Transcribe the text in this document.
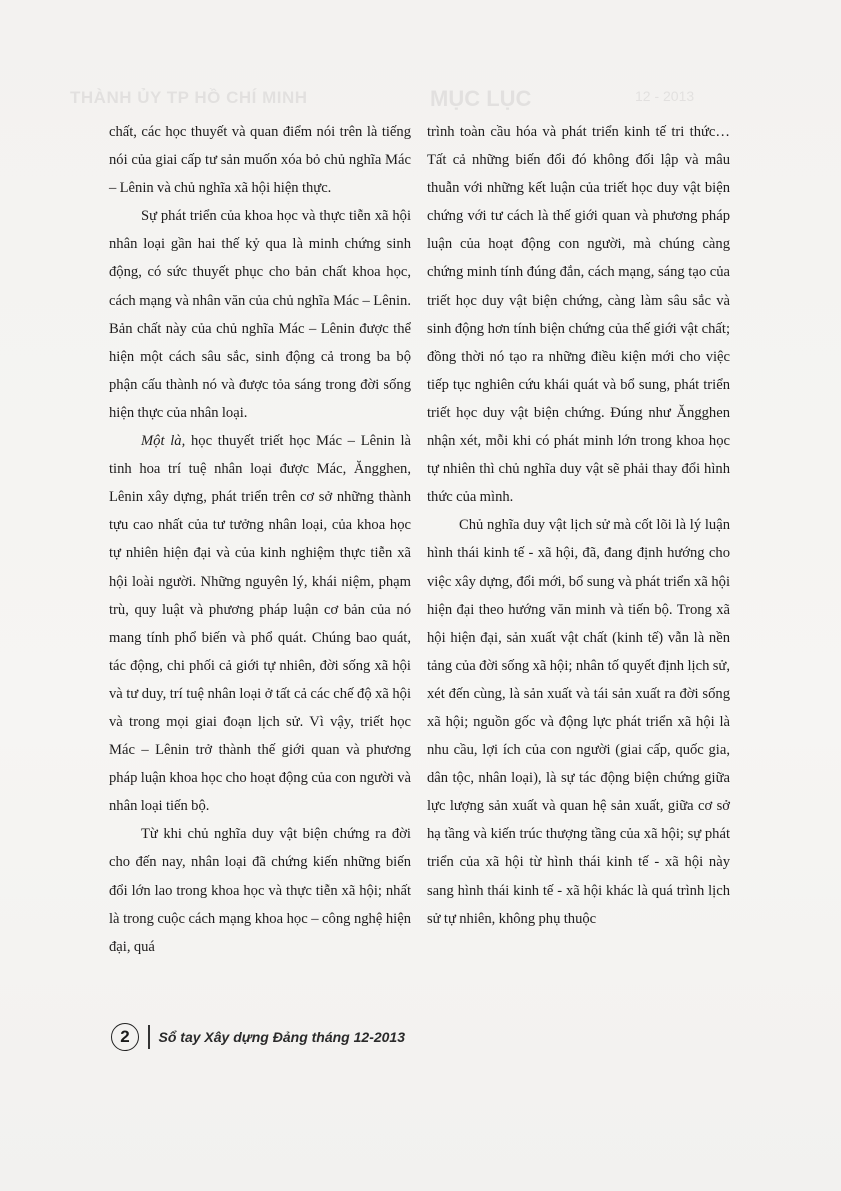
THÀNH ỦY TP HỒ CHÍ MINH	MỤC LỤC	12 - 2013

chất, các học thuyết và quan điểm nói trên là tiếng nói của giai cấp tư sản muốn xóa bỏ chủ nghĩa Mác – Lênin và chủ nghĩa xã hội hiện thực.

Sự phát triển của khoa học và thực tiễn xã hội nhân loại gần hai thế kỷ qua là minh chứng sinh động, có sức thuyết phục cho bản chất khoa học, cách mạng và nhân văn của chủ nghĩa Mác – Lênin. Bản chất này của chủ nghĩa Mác – Lênin được thể hiện một cách sâu sắc, sinh động cả trong ba bộ phận cấu thành nó và được tỏa sáng trong đời sống hiện thực của nhân loại.

Một là, học thuyết triết học Mác – Lênin là tinh hoa trí tuệ nhân loại được Mác, Ăngghen, Lênin xây dựng, phát triển trên cơ sở những thành tựu cao nhất của tư tưởng nhân loại, của khoa học tự nhiên hiện đại và của kinh nghiệm thực tiễn xã hội loài người. Những nguyên lý, khái niệm, phạm trù, quy luật và phương pháp luận cơ bản của nó mang tính phổ biến và phổ quát. Chúng bao quát, tác động, chi phối cả giới tự nhiên, đời sống xã hội và tư duy, trí tuệ nhân loại ở tất cả các chế độ xã hội và trong mọi giai đoạn lịch sử. Vì vậy, triết học Mác – Lênin trở thành thế giới quan và phương pháp luận khoa học cho hoạt động của con người và nhân loại tiến bộ.

Từ khi chủ nghĩa duy vật biện chứng ra đời cho đến nay, nhân loại đã chứng kiến những biến đổi lớn lao trong khoa học và thực tiễn xã hội; nhất là trong cuộc cách mạng khoa học – công nghệ hiện đại, quá

trình toàn cầu hóa và phát triển kinh tế tri thức… Tất cả những biến đổi đó không đối lập và mâu thuẫn với những kết luận của triết học duy vật biện chứng với tư cách là thế giới quan và phương pháp luận của hoạt động con người, mà chúng càng chứng minh tính đúng đắn, cách mạng, sáng tạo của triết học duy vật biện chứng, càng làm sâu sắc và sinh động hơn tính biện chứng của thế giới vật chất; đồng thời nó tạo ra những điều kiện mới cho việc tiếp tục nghiên cứu khái quát và bổ sung, phát triển triết học duy vật biện chứng. Đúng như Ăngghen nhận xét, mỗi khi có phát minh lớn trong khoa học tự nhiên thì chủ nghĩa duy vật sẽ phải thay đổi hình thức của mình.

Chủ nghĩa duy vật lịch sử mà cốt lõi là lý luận hình thái kinh tế - xã hội, đã, đang định hướng cho việc xây dựng, đổi mới, bổ sung và phát triển xã hội hiện đại theo hướng văn minh và tiến bộ. Trong xã hội hiện đại, sản xuất vật chất (kinh tế) vẫn là nền tảng của đời sống xã hội; nhân tố quyết định lịch sử, xét đến cùng, là sản xuất và tái sản xuất ra đời sống xã hội; nguồn gốc và động lực phát triển xã hội là nhu cầu, lợi ích của con người (giai cấp, quốc gia, dân tộc, nhân loại), là sự tác động biện chứng giữa lực lượng sản xuất và quan hệ sản xuất, giữa cơ sở hạ tầng và kiến trúc thượng tầng của xã hội; sự phát triển của xã hội từ hình thái kinh tế - xã hội này sang hình thái kinh tế - xã hội khác là quá trình lịch sử tự nhiên, không phụ thuộc

2	Sổ tay Xây dựng Đảng tháng 12-2013
